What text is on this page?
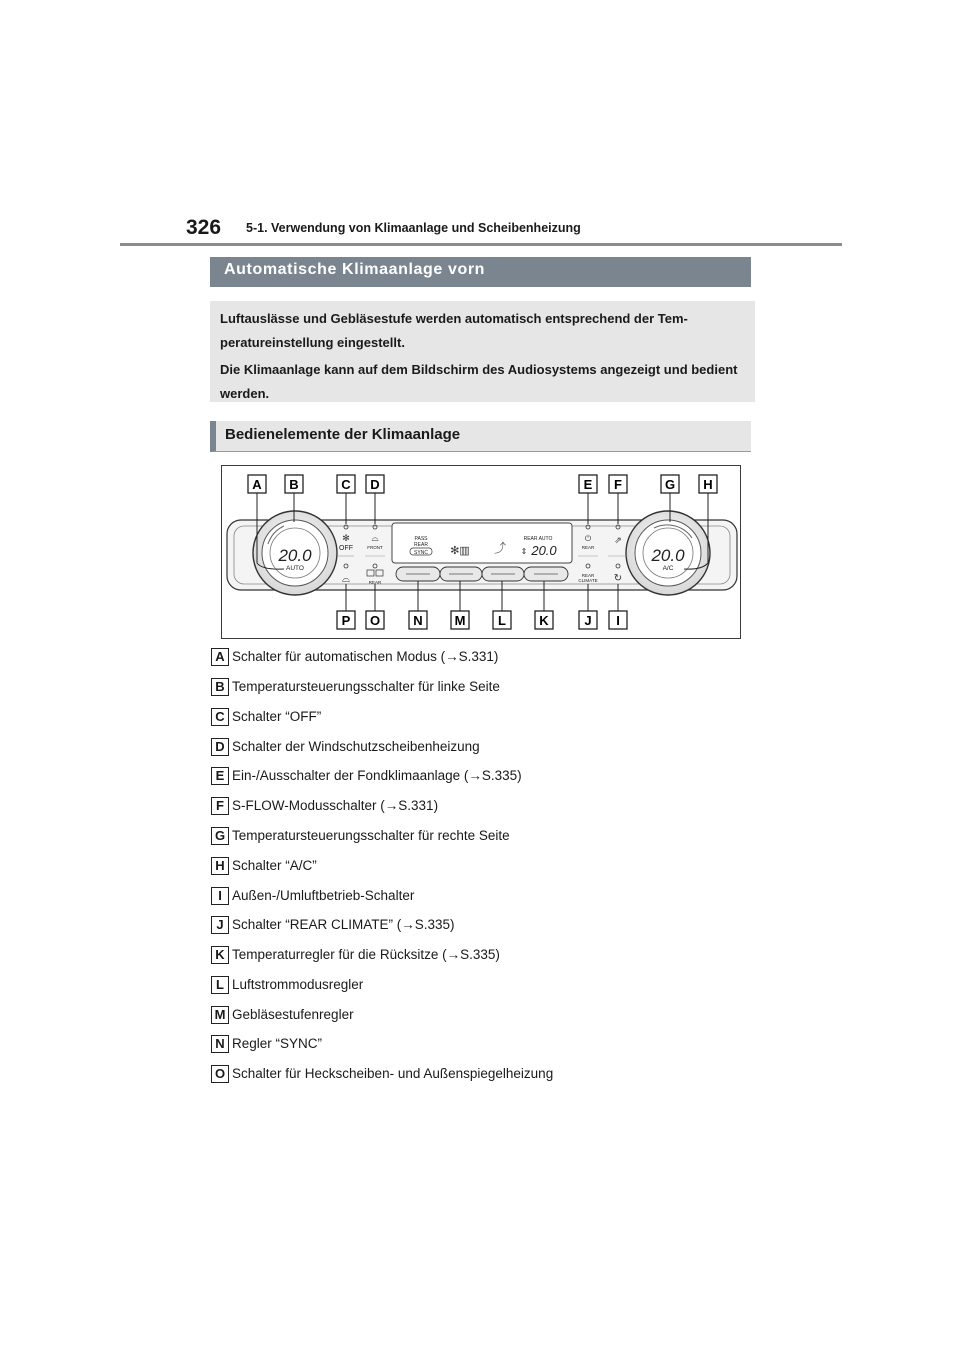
326 5-1. Verwendung von Klimaanlage und Scheibenheizung
Automatische Klimaanlage vorn

Luftauslässe und Gebläsestufe werden automatisch entsprechend der Tem-peratureinstellung eingestellt.

Die Klimaanlage kann auf dem Bildschirm des Audiosystems angezeigt und bedient werden.

Bedienelemente der Klimaanlage
20.0
AUTO
20.0
A/C
✻
OFF
⌓
⌓
FRONT
REAR
PASS
REAR
SYNC ✻▥ ⤴
REAR AUTO
20.0
⇕
⏻
REAR
REAR
CLIMATE
⇗
↻
A B	C D	E F	G H
P O	N M	L	K	J I
A Schalter für automatischen Modus (→S.331)
B Temperatursteuerungsschalter für linke Seite
C Schalter “OFF”
D Schalter der Windschutzscheibenheizung
E Ein-/Ausschalter der Fondklimaanlage (→S.335)
F S-FLOW-Modusschalter (→S.331)
G Temperatursteuerungsschalter für rechte Seite
H Schalter “A/C”
I Außen-/Umluftbetrieb-Schalter
J Schalter “REAR CLIMATE” (→S.335)
K Temperaturregler für die Rücksitze (→S.335)
L Luftstrommodusregler
M Gebläsestufenregler
N Regler “SYNC”
O Schalter für Heckscheiben- und Außenspiegelheizung
